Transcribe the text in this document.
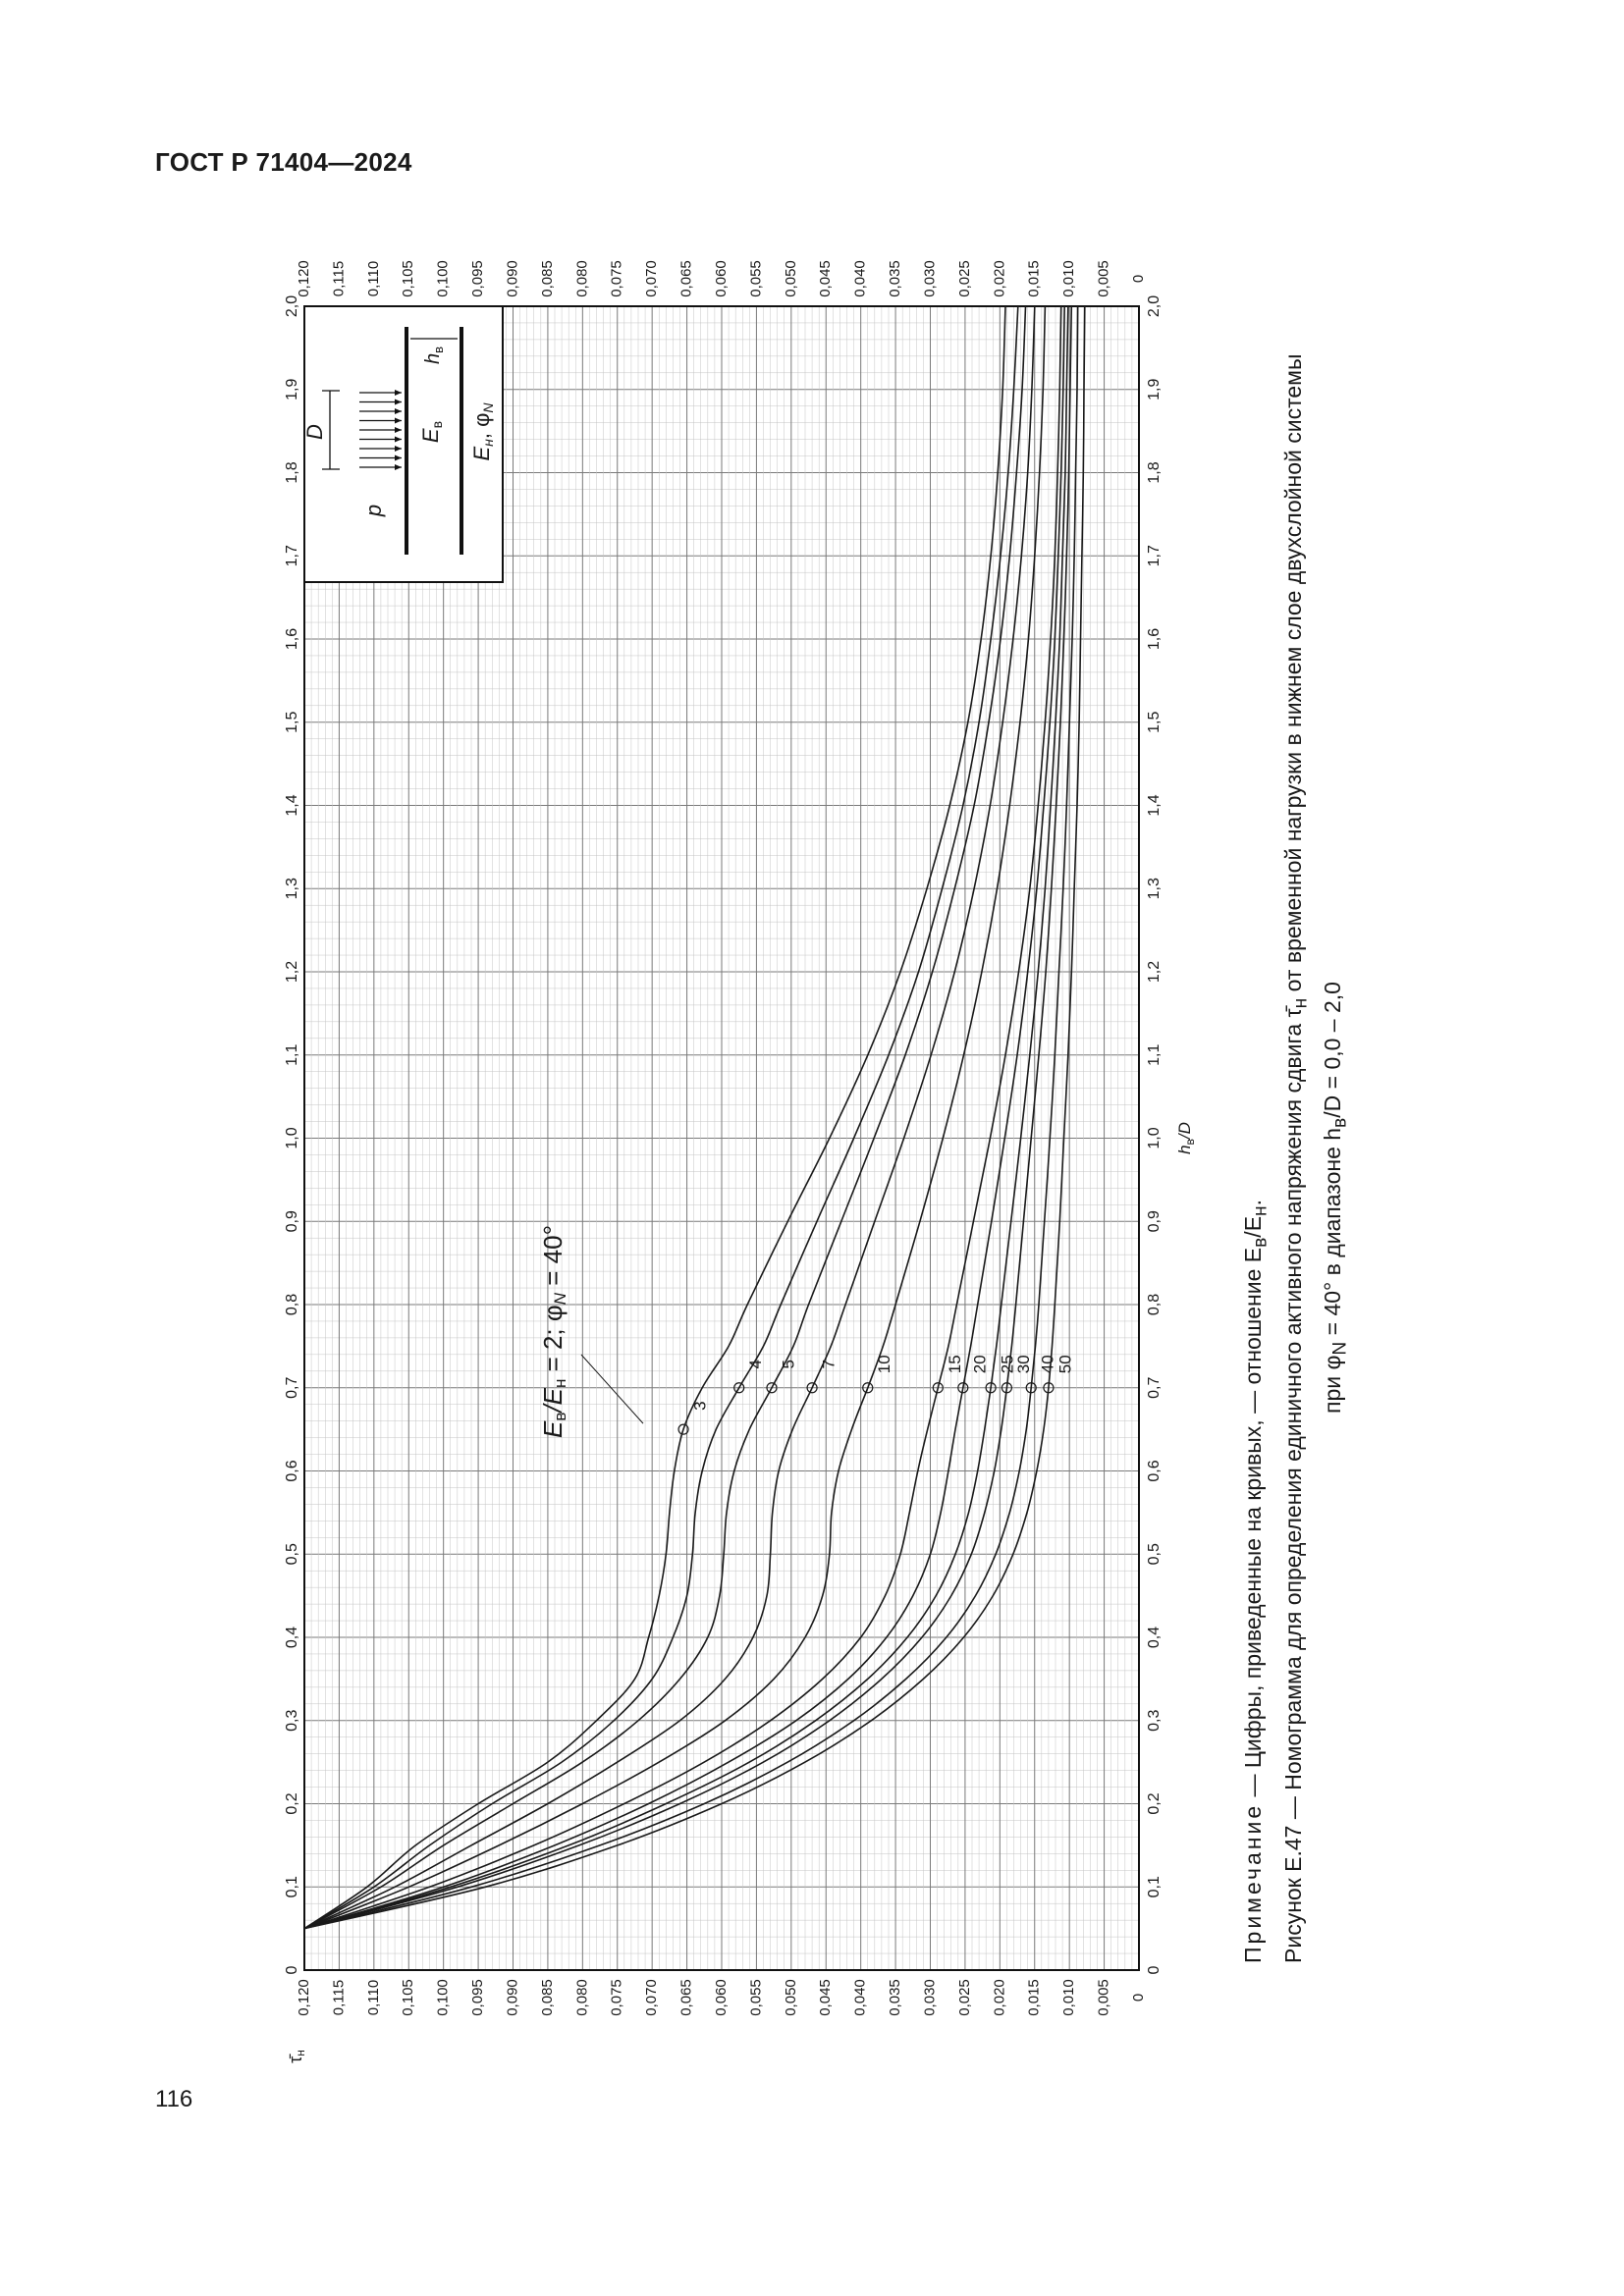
ГОСТ Р 71404—2024
0
0
0,005
0,005
0,010
0,010
0,015
0,015
0,020
0,020
0,025
0,025
0,030
0,030
0,035
0,035
0,040
0,040
0,045
0,045
0,050
0,050
0,055
0,055
0,060
0,060
0,065
0,065
0,070
0,070
0,075
0,075
0,080
0,080
0,085
0,085
0,090
0,090
0,095
0,095
0,100
0,100
0,105
0,105
0,110
0,110
0,115
0,115
0,120
0,120
0	0
0,1	0,1
0,2	0,2
0,3	0,3
0,4	0,4
0,5	0,5
0,6	0,6
0,7	0,7
0,8	0,8
0,9	0,9
1,0	1,0
1,1	1,1
1,2	1,2
1,3	1,3
1,4	1,4
1,5	1,5
1,6	1,6
1,7	1,7
1,8	1,8
1,9	1,9
2,0	2,0
$h_в/D$
$\taū_н$
3
4 5 7 10	15 20 25
30 40
50
$E_в/E_н = 2$; $\varphi_N = 40^\circ$
p
D	$E_в$
$h_в$
$E_н$, $\varphi_N$
Примечание — Цифры, приведенные на кривых, — отношение $E_в/E_н$. Рисунок Е.47 — Номограмма для определения единичного активного напряжения сдвига $\taū_н$ от временной нагрузки в нижнем слое двухслойной системы
при $\varphi_N = 40^\circ$ в диапазоне $h_в/D = 0,0 - 2,0$
116
